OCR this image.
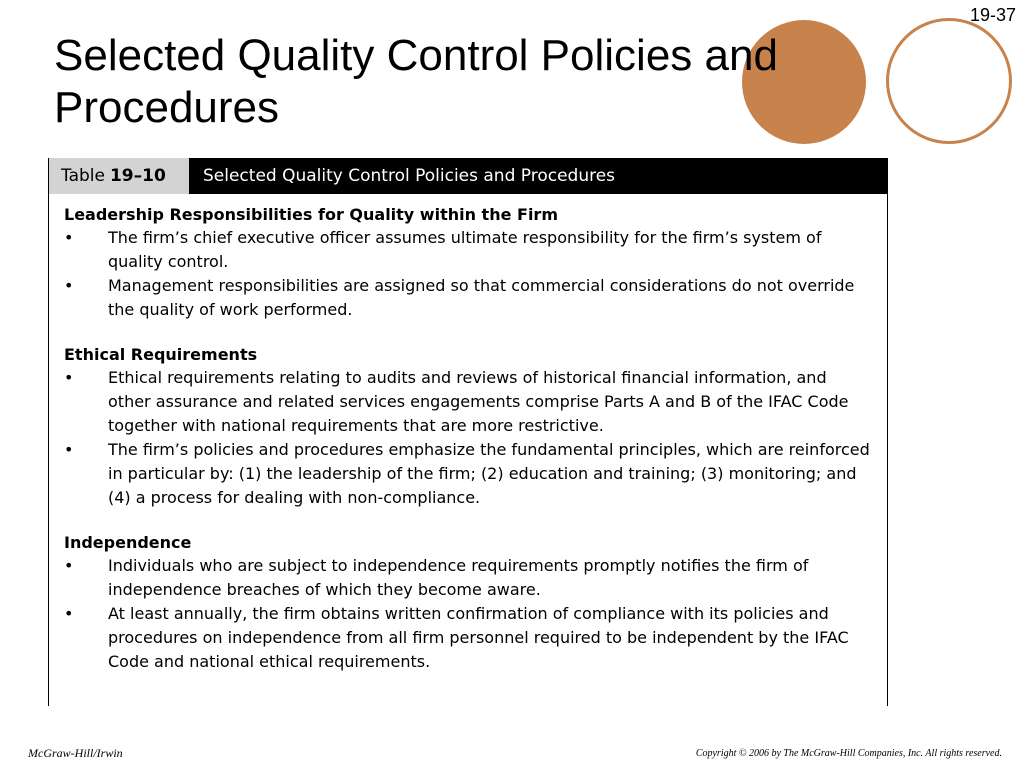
19-37
Selected Quality Control Policies and
Procedures
Table 19–10	Selected Quality Control Policies and Procedures

Leadership Responsibilities for Quality within the Firm

•	The firm’s chief executive officer assumes ultimate responsibility for the firm’s system of quality control.
•	Management responsibilities are assigned so that commercial considerations do not override the quality of work performed.

Ethical Requirements

•	Ethical requirements relating to audits and reviews of historical financial information, and other assurance and related services engagements comprise Parts A and B of the IFAC Code together with national requirements that are more restrictive.
•	The firm’s policies and procedures emphasize the fundamental principles, which are reinforced in particular by: (1) the leadership of the firm; (2) education and training; (3) monitoring; and (4) a process for dealing with non-compliance.

Independence

•	Individuals who are subject to independence requirements promptly notifies the firm of independence breaches of which they become aware.
•	At least annually, the firm obtains written confirmation of compliance with its policies and procedures on independence from all firm personnel required to be independent by the IFAC Code and national ethical requirements.
McGraw-Hill/Irwin	Copyright © 2006 by The McGraw-Hill Companies, Inc. All rights reserved.
